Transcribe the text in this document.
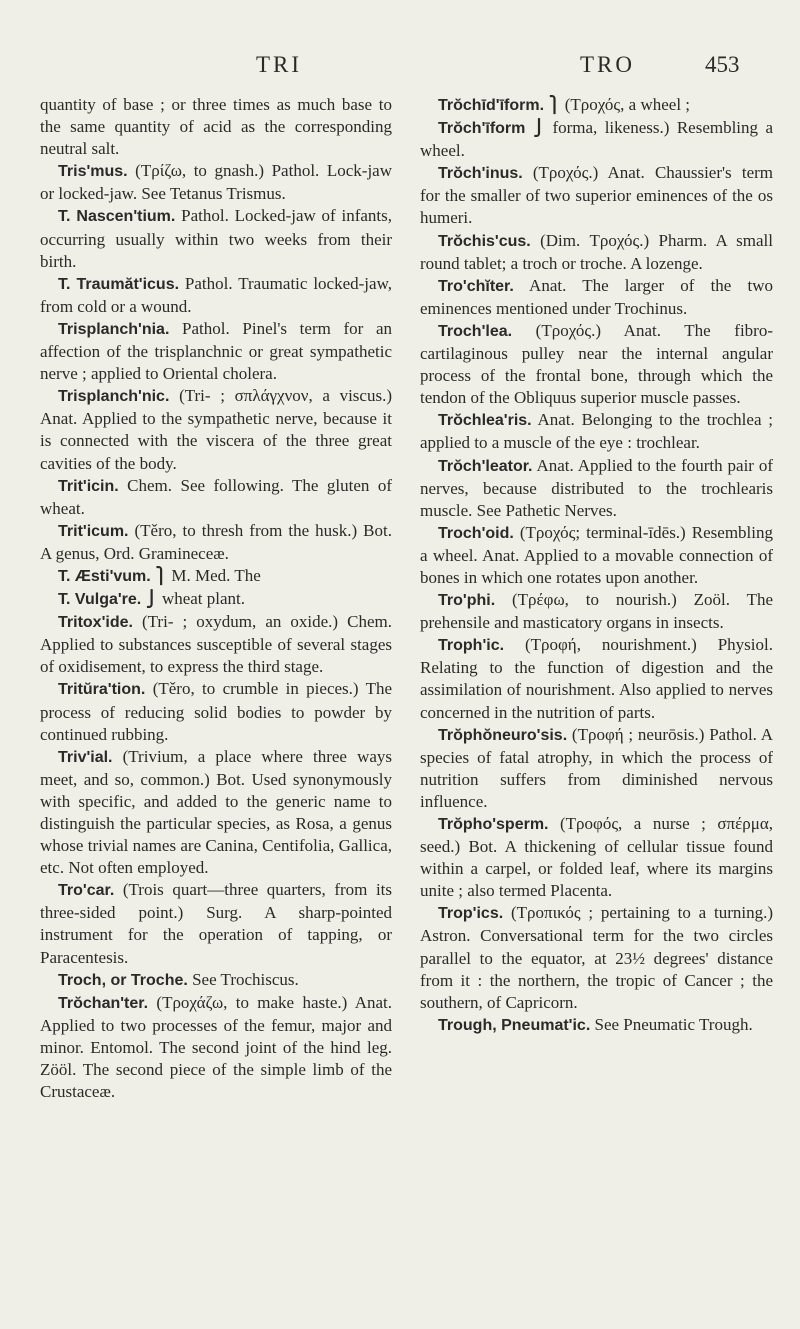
TRI	TRO	453

quantity of base ; or three times as much base to the same quantity of acid as the corresponding neutral salt.

Tris'mus. (Τρίζω, to gnash.) Pathol. Lock-jaw or locked-jaw. See Tetanus Trismus.

T. Nascen'tium. Pathol. Locked-jaw of infants, occurring usually within two weeks from their birth.

T. Traumăt'icus. Pathol. Traumatic locked-jaw, from cold or a wound.

Trisplanch'nia. Pathol. Pinel's term for an affection of the trisplanchnic or great sympathetic nerve ; applied to Oriental cholera.

Trisplanch'nic. (Tri- ; σπλάγχνον, a viscus.) Anat. Applied to the sympathetic nerve, because it is connected with the viscera of the three great cavities of the body.

Trit'icin. Chem. See following. The gluten of wheat.

Trit'icum. (Těro, to thresh from the husk.) Bot. A genus, Ord. Gramineceæ.

T. Æsti'vum. ⎫ M. Med. The

T. Vulga're. ⎭ wheat plant.

Tritox'ide. (Tri- ; oxydum, an oxide.) Chem. Applied to substances susceptible of several stages of oxidisement, to express the third stage.

Tritŭra'tion. (Těro, to crumble in pieces.) The process of reducing solid bodies to powder by continued rubbing.

Triv'ial. (Trivium, a place where three ways meet, and so, common.) Bot. Used synonymously with specific, and added to the generic name to distinguish the particular species, as Rosa, a genus whose trivial names are Canina, Centifolia, Gallica, etc. Not often employed.

Tro'car. (Trois quart—three quarters, from its three-sided point.) Surg. A sharp-pointed instrument for the operation of tapping, or Paracentesis.

Troch, or Troche. See Trochiscus.

Trŏchan'ter. (Τροχάζω, to make haste.) Anat. Applied to two processes of the femur, major and minor. Entomol. The second joint of the hind leg. Zööl. The second piece of the simple limb of the Crustaceæ.

Trŏchīd'īform. ⎫ (Τροχός, a wheel ;

Trŏch'īform ⎭ forma, likeness.) Resembling a wheel.

Trŏch'inus. (Τροχός.) Anat. Chaussier's term for the smaller of two superior eminences of the os humeri.

Trŏchis'cus. (Dim. Τροχός.) Pharm. A small round tablet; a troch or troche. A lozenge.

Tro'chĭter. Anat. The larger of the two eminences mentioned under Trochinus.

Troch'lea. (Τροχός.) Anat. The fibro-cartilaginous pulley near the internal angular process of the frontal bone, through which the tendon of the Obliquus superior muscle passes.

Trŏchlea'ris. Anat. Belonging to the trochlea ; applied to a muscle of the eye : trochlear.

Trŏch'leator. Anat. Applied to the fourth pair of nerves, because distributed to the trochlearis muscle. See Pathetic Nerves.

Troch'oid. (Τροχός; terminal-īdēs.) Resembling a wheel. Anat. Applied to a movable connection of bones in which one rotates upon another.

Tro'phi. (Τρέφω, to nourish.) Zoöl. The prehensile and masticatory organs in insects.

Troph'ic. (Τροφή, nourishment.) Physiol. Relating to the function of digestion and the assimilation of nourishment. Also applied to nerves concerned in the nutrition of parts.

Trŏphŏneuro'sis. (Τροφή ; neurōsis.) Pathol. A species of fatal atrophy, in which the process of nutrition suffers from diminished nervous influence.

Trŏpho'sperm. (Τροφός, a nurse ; σπέρμα, seed.) Bot. A thickening of cellular tissue found within a carpel, or folded leaf, where its margins unite ; also termed Placenta.

Trop'ics. (Τροπικός ; pertaining to a turning.) Astron. Conversational term for the two circles parallel to the equator, at 23½ degrees' distance from it : the northern, the tropic of Cancer ; the southern, of Capricorn.

Trough, Pneumat'ic. See Pneumatic Trough.
